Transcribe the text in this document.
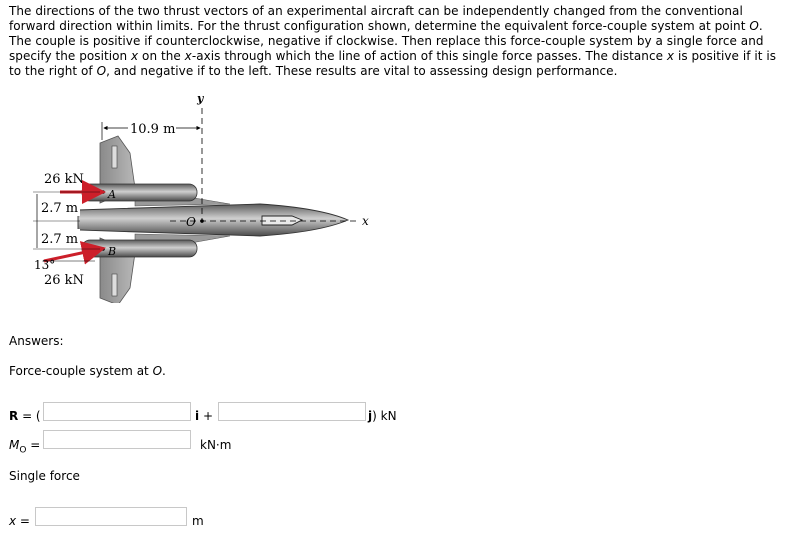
The directions of the two thrust vectors of an experimental aircraft can be independently changed from the conventional forward direction within limits. For the thrust configuration shown, determine the equivalent force-couple system at point O. The couple is positive if counterclockwise, negative if clockwise. Then replace this force-couple system by a single force and specify the position x on the x-axis through which the line of action of this single force passes. The distance x is positive if it is to the right of O, and negative if to the left. These results are vital to assessing design performance.
x
y
10.9 m
A
B
O
26 kN
26 kN
13°
2.7 m
2.7 m
Answers:
Force-couple system at O.
R = (	i +	j) kN
$M_O$ =	kN·m
Single force
x =	m
